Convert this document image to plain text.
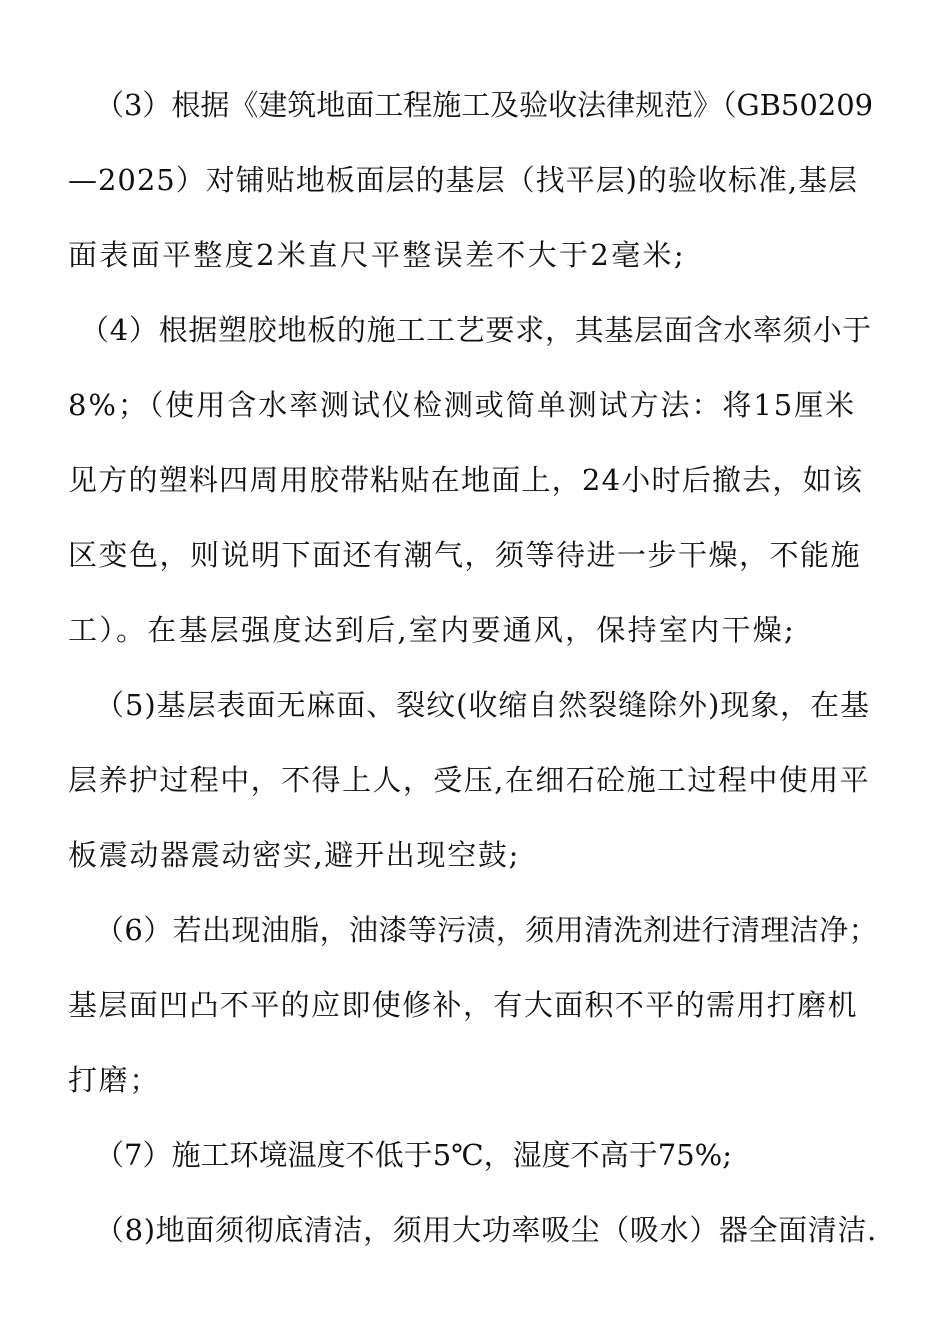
（3）根据《建筑地面工程施工及验收法律规范》（GB50209
—2025）对铺贴地板面层的基层（找平层)的验收标准,基层
面表面平整度2米直尺平整误差不大于2毫米;
（4）根据塑胶地板的施工工艺要求，其基层面含水率须小于
8%；（使用含水率测试仪检测或简单测试方法：将15厘米
见方的塑料四周用胶带粘贴在地面上，24小时后撤去，如该
区变色，则说明下面还有潮气，须等待进一步干燥，不能施
工）。在基层强度达到后,室内要通风，保持室内干燥;
（5)基层表面无麻面、裂纹(收缩自然裂缝除外)现象，在基
层养护过程中，不得上人，受压,在细石砼施工过程中使用平
板震动器震动密实,避开出现空鼓;
（6）若出现油脂，油漆等污渍，须用清洗剂进行清理洁净；
基层面凹凸不平的应即使修补，有大面积不平的需用打磨机
打磨；
（7）施工环境温度不低于5℃，湿度不高于75%;
（8)地面须彻底清洁，须用大功率吸尘（吸水）器全面清洁.
